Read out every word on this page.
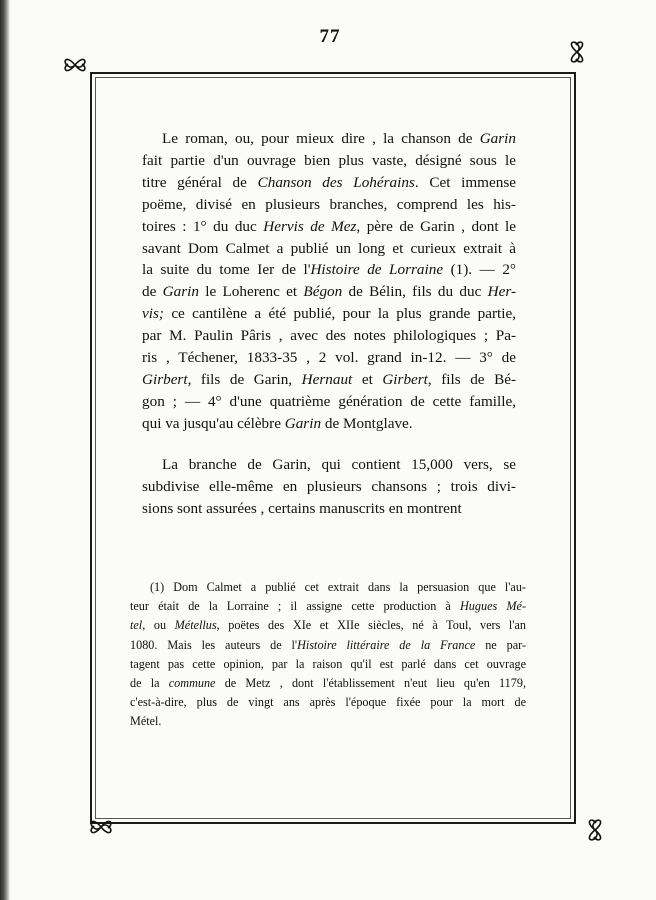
77
Le roman, ou, pour mieux dire , la chanson de Garin
fait partie d'un ouvrage bien plus vaste, désigné sous le
titre général de Chanson des Lohérains. Cet immense
poëme, divisé en plusieurs branches, comprend les his-
toires : 1° du duc Hervis de Mez, père de Garin , dont le
savant Dom Calmet a publié un long et curieux extrait à
la suite du tome Ier de l'Histoire de Lorraine (1). — 2°
de Garin le Loherenc et Bégon de Bélin, fils du duc Her-
vis; ce cantilène a été publié, pour la plus grande partie,
par M. Paulin Pâris , avec des notes philologiques ; Pa-
ris , Téchener, 1833-35 , 2 vol. grand in-12. — 3° de
Girbert, fils de Garin, Hernaut et Girbert, fils de Bé-
gon ; — 4° d'une quatrième génération de cette famille,
qui va jusqu'au célèbre Garin de Montglave.
La branche de Garin, qui contient 15,000 vers, se
subdivise elle-même en plusieurs chansons ; trois divi-
sions sont assurées , certains manuscrits en montrent
(1) Dom Calmet a publié cet extrait dans la persuasion que l'au-
teur était de la Lorraine ; il assigne cette production à Hugues Mé-
tel, ou Métellus, poëtes des XIe et XIIe siècles, né à Toul, vers l'an
1080. Mais les auteurs de l'Histoire littéraire de la France ne par-
tagent pas cette opinion, par la raison qu'il est parlé dans cet ouvrage
de la commune de Metz , dont l'établissement n'eut lieu qu'en 1179,
c'est-à-dire, plus de vingt ans après l'époque fixée pour la mort de
Métel.
